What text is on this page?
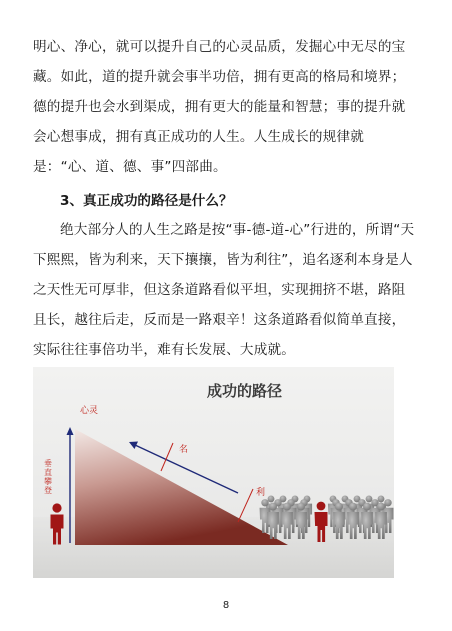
明心、净心，就可以提升自己的心灵品质，发掘心中无尽的宝藏。如此，道的提升就会事半功倍，拥有更高的格局和境界；德的提升也会水到渠成，拥有更大的能量和智慧；事的提升就会心想事成，拥有真正成功的人生。人生成长的规律就是：“心、道、德、事”四部曲。

3、真正成功的路径是什么？

绝大部分人的人生之路是按“事-德-道-心”行进的，所谓“天下熙熙，皆为利来，天下攘攘，皆为利往”，追名逐利本身是人之天性无可厚非，但这条道路看似平坦，实现拥挤不堪，路阻且长，越往后走，反而是一路艰辛！这条道路看似简单直接，实际往往事倍功半，难有长发展、大成就。

成功的路径
心灵
名
利
垂直攀登
8
